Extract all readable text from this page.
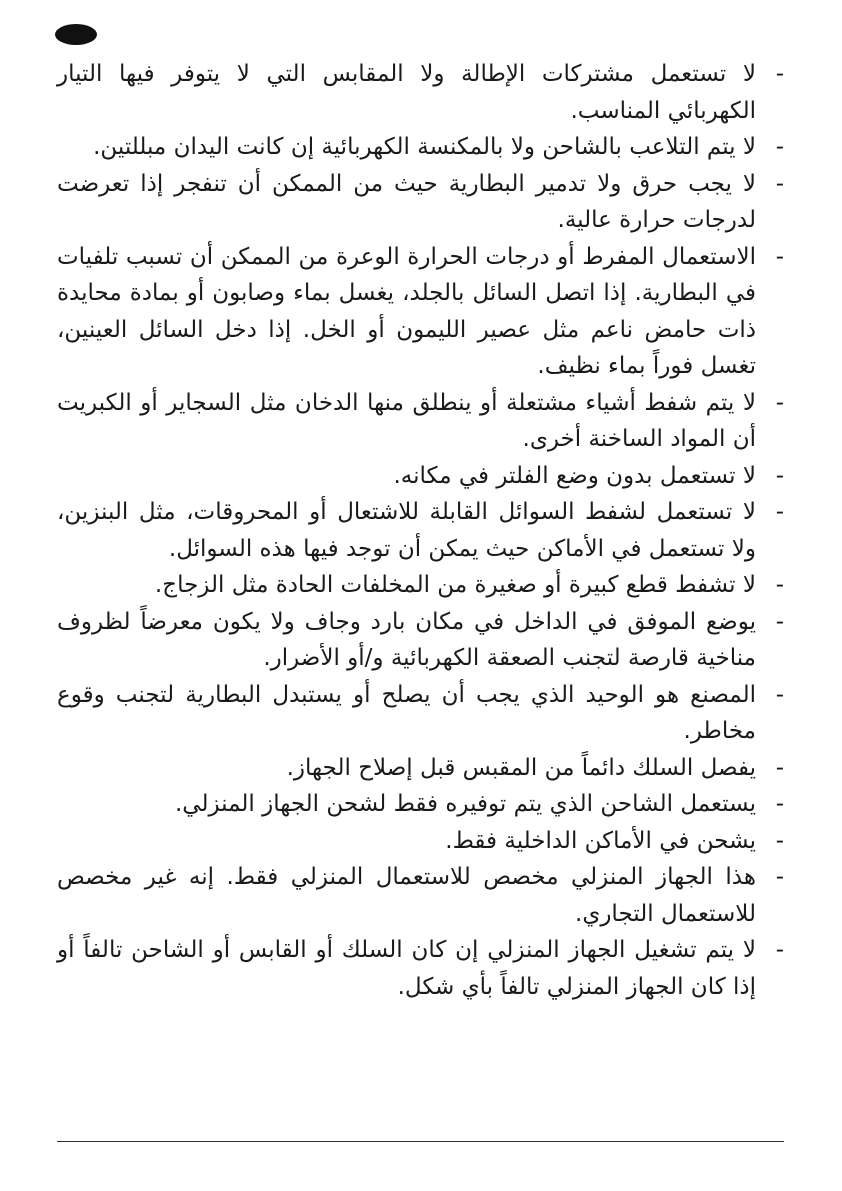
-
لا تستعمل مشتركات الإطالة ولا المقابس التي لا يتوفر فيها التيار الكهربائي المناسب.
-
لا يتم التلاعب بالشاحن ولا بالمكنسة الكهربائية إن كانت اليدان مبللتين.
-
لا يجب حرق ولا تدمير البطارية حيث من الممكن أن تنفجر إذا تعرضت لدرجات حرارة عالية.
-
الاستعمال المفرط أو درجات الحرارة الوعرة من الممكن أن تسبب تلفيات في البطارية. إذا اتصل السائل بالجلد، يغسل بماء وصابون أو بمادة محايدة ذات حامض ناعم مثل عصير الليمون أو الخل. إذا دخل السائل العينين، تغسل فوراً بماء نظيف.
-
لا يتم شفط أشياء مشتعلة أو ينطلق منها الدخان مثل السجاير أو الكبريت أن المواد الساخنة أخرى.
-
لا تستعمل بدون وضع الفلتر في مكانه.
-
لا تستعمل لشفط السوائل القابلة للاشتعال أو المحروقات، مثل البنزين، ولا تستعمل في الأماكن حيث يمكن أن توجد فيها هذه السوائل.
-
لا تشفط قطع كبيرة أو صغيرة من المخلفات الحادة مثل الزجاج.
-
يوضع الموفق في الداخل في مكان بارد وجاف ولا يكون معرضاً لظروف مناخية قارصة لتجنب الصعقة الكهربائية و/أو الأضرار.
-
المصنع هو الوحيد الذي يجب أن يصلح أو يستبدل البطارية لتجنب وقوع مخاطر.
-
يفصل السلك دائماً من المقبس قبل إصلاح الجهاز.
-
يستعمل الشاحن الذي يتم توفيره فقط لشحن الجهاز المنزلي.
-
يشحن في الأماكن الداخلية فقط.
-
هذا الجهاز المنزلي مخصص للاستعمال المنزلي فقط. إنه غير مخصص للاستعمال التجاري.
-
لا يتم تشغيل الجهاز المنزلي إن كان السلك أو القابس أو الشاحن تالفاً أو إذا كان الجهاز المنزلي تالفاً بأي شكل.
